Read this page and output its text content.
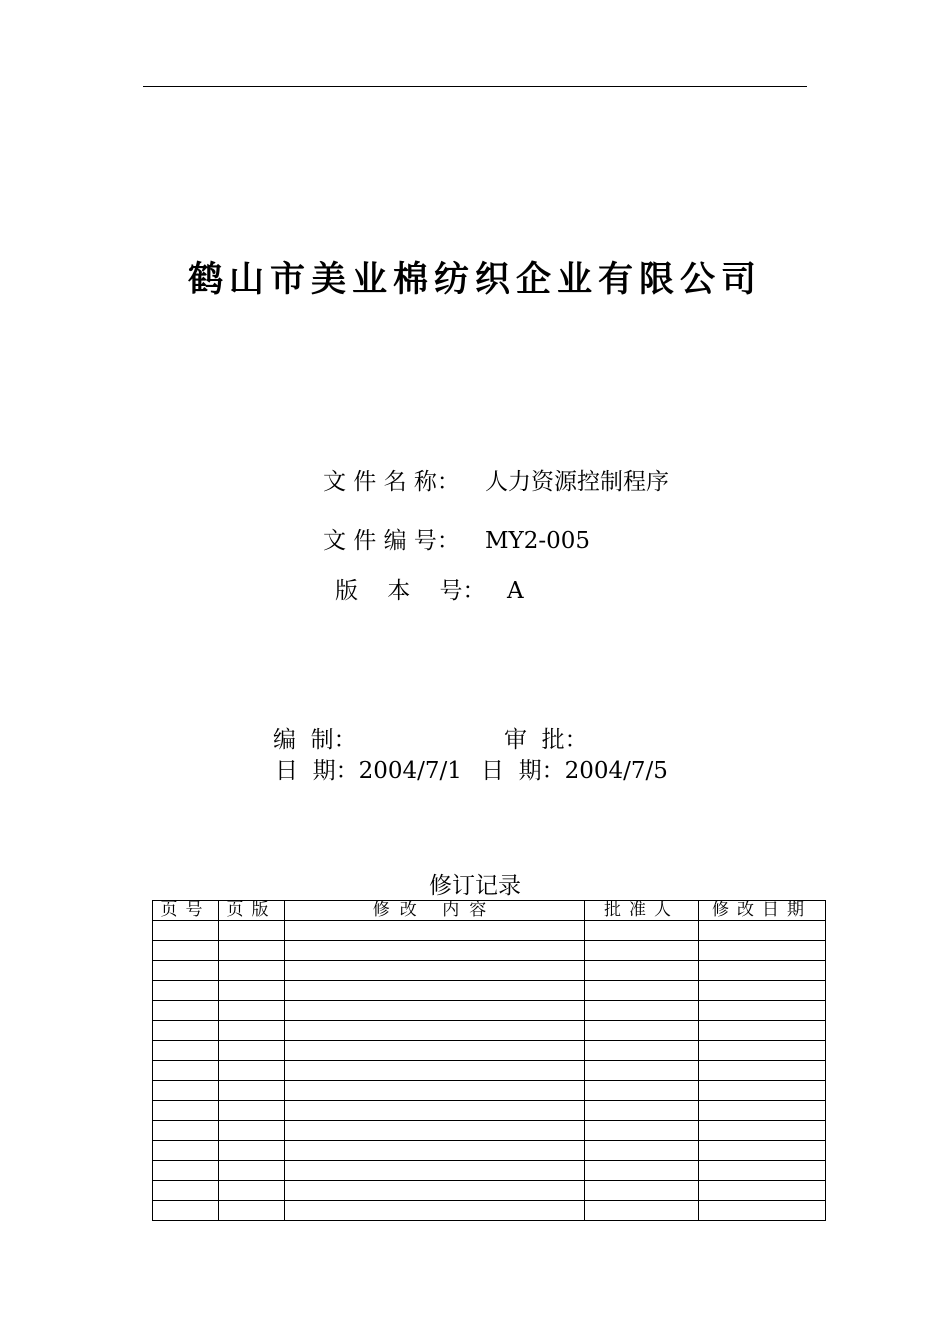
鹤山市美业棉纺织企业有限公司
文 件 名 称： 人力资源控制程序
文 件 编 号： MY2-005
版    本    号： A
编  制：	审  批：
日  期：2004/7/1 日  期：2004/7/5
修订记录
页号	页版	修改 内容	批准人	修改日期
